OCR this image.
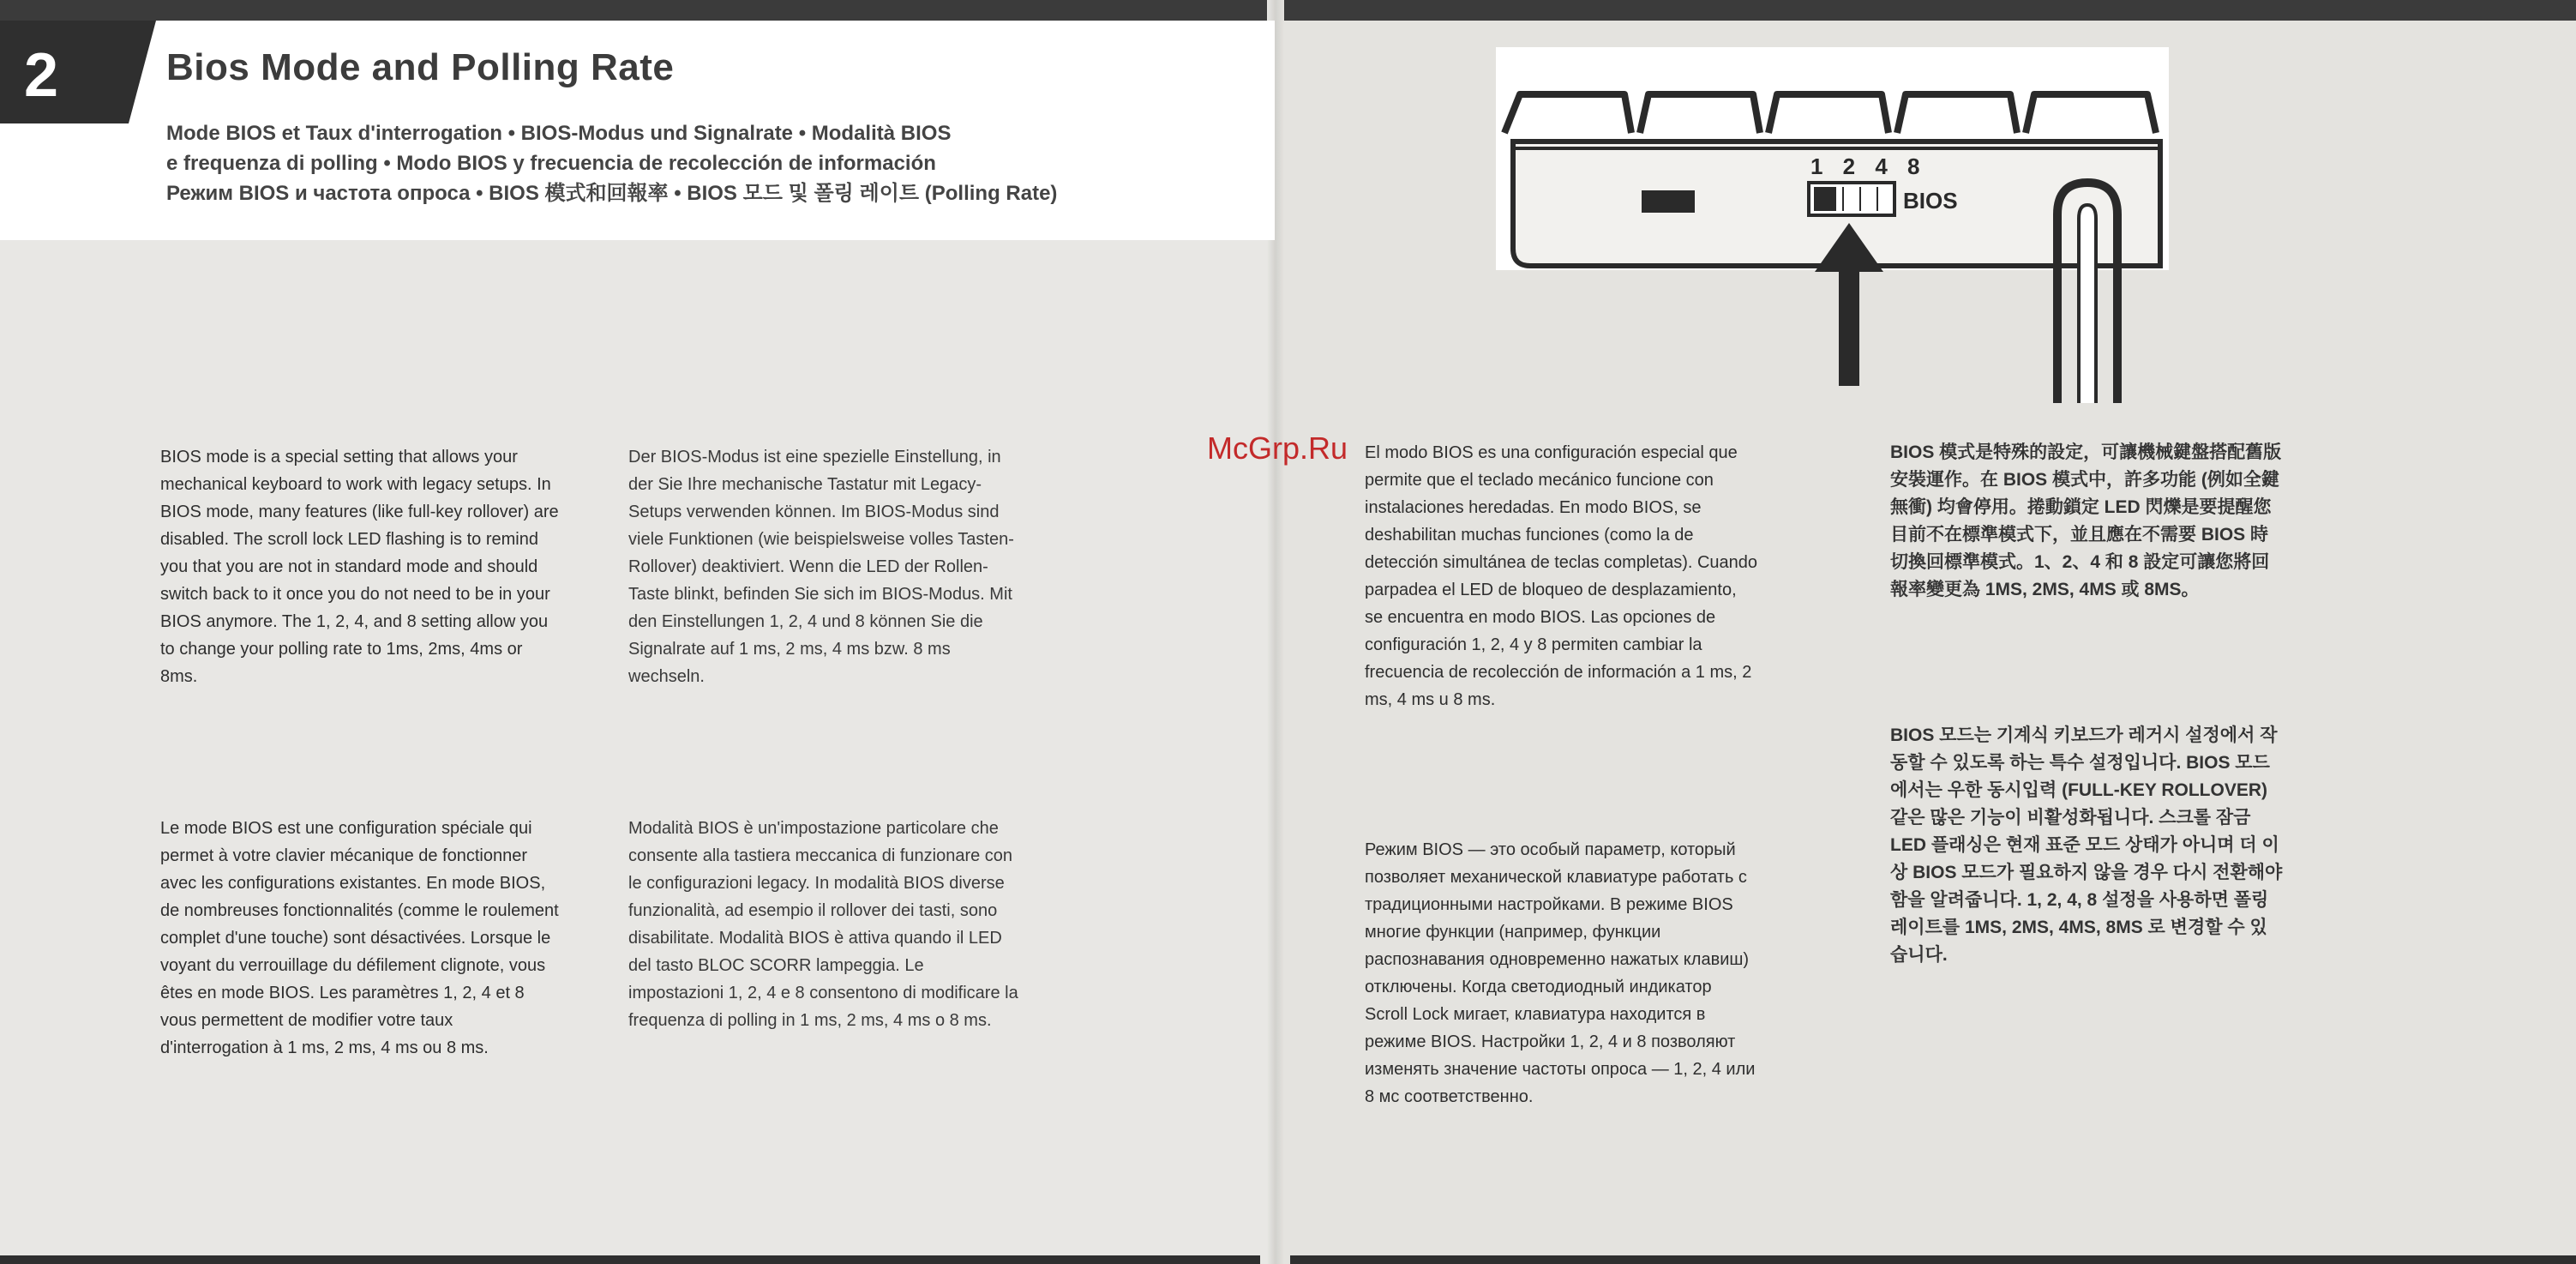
2	Bios Mode and Polling Rate
Mode BIOS et Taux d'interrogation • BIOS-Modus und Signalrate • Modalità BIOS
e frequenza di polling • Modo BIOS y frecuencia de recolección de información
Режим BIOS и частота опроса • BIOS 模式和回報率 • BIOS 모드 및 폴링 레이트 (Polling Rate)
BIOS mode is a special setting that allows your mechanical keyboard to work with legacy setups. In BIOS mode, many features (like full-key rollover) are disabled. The scroll lock LED flashing is to remind you that you are not in standard mode and should switch back to it once you do not need to be in your BIOS anymore. The 1, 2, 4, and 8 setting allow you to change your polling rate to 1ms, 2ms, 4ms or 8ms.
Le mode BIOS est une configuration spéciale qui permet à votre clavier mécanique de fonctionner avec les configurations existantes. En mode BIOS, de nombreuses fonctionnalités (comme le roulement complet d'une touche) sont désactivées. Lorsque le voyant du verrouillage du défilement clignote, vous êtes en mode BIOS. Les paramètres 1, 2, 4 et 8 vous permettent de modifier votre taux d'interrogation à 1 ms, 2 ms, 4 ms ou 8 ms.
Der BIOS-Modus ist eine spezielle Einstellung, in der Sie Ihre mechanische Tastatur mit Legacy-Setups verwenden können. Im BIOS-Modus sind viele Funktionen (wie beispielsweise volles Tasten-Rollover) deaktiviert. Wenn die LED der Rollen-Taste blinkt, befinden Sie sich im BIOS-Modus. Mit den Einstellungen 1, 2, 4 und 8 können Sie die Signalrate auf 1 ms, 2 ms, 4 ms bzw. 8 ms wechseln.
Modalità BIOS è un'impostazione particolare che consente alla tastiera meccanica di funzionare con le configurazioni legacy. In modalità BIOS diverse funzionalità, ad esempio il rollover dei tasti, sono disabilitate. Modalità BIOS è attiva quando il LED del tasto BLOC SCORR lampeggia. Le impostazioni 1, 2, 4 e 8 consentono di modificare la frequenza di polling in 1 ms, 2 ms, 4 ms o 8 ms.
McGrp.Ru El modo BIOS es una configuración especial que permite que el teclado mecánico funcione con instalaciones heredadas. En modo BIOS, se deshabilitan muchas funciones (como la de detección simultánea de teclas completas). Cuando parpadea el LED de bloqueo de desplazamiento, se encuentra en modo BIOS. Las opciones de configuración 1, 2, 4 y 8 permiten cambiar la frecuencia de recolección de información a 1 ms, 2 ms, 4 ms u 8 ms.
Режим BIOS — это особый параметр, который позволяет механической клавиатуре работать с традиционными настройками. В режиме BIOS многие функции (например, функции распознавания одновременно нажатых клавиш) отключены. Когда светодиодный индикатор Scroll Lock мигает, клавиатура находится в режиме BIOS. Настройки 1, 2, 4 и 8 позволяют изменять значение частоты опроса — 1, 2, 4 или 8 мс соответственно.
BIOS 模式是特殊的設定，可讓機械鍵盤搭配舊版安裝運作。在 BIOS 模式中，許多功能 (例如全鍵無衝) 均會停用。捲動鎖定 LED 閃爍是要提醒您目前不在標準模式下，並且應在不需要 BIOS 時切換回標準模式。1、2、4 和 8 設定可讓您將回報率變更為 1MS, 2MS, 4MS 或 8MS。
BIOS 모드는 기계식 키보드가 레거시 설정에서 작동할 수 있도록 하는 특수 설정입니다. BIOS 모드에서는 우한 동시입력 (FULL-KEY ROLLOVER) 같은 많은 기능이 비활성화됩니다. 스크롤 잠금 LED 플래싱은 현재 표준 모드 상태가 아니며 더 이상 BIOS 모드가 필요하지 않을 경우 다시 전환해야 함을 알려줍니다. 1, 2, 4, 8 설정을 사용하면 폴링 레이트를 1MS, 2MS, 4MS, 8MS 로 변경할 수 있습니다.
1 2 4 8
BIOS
